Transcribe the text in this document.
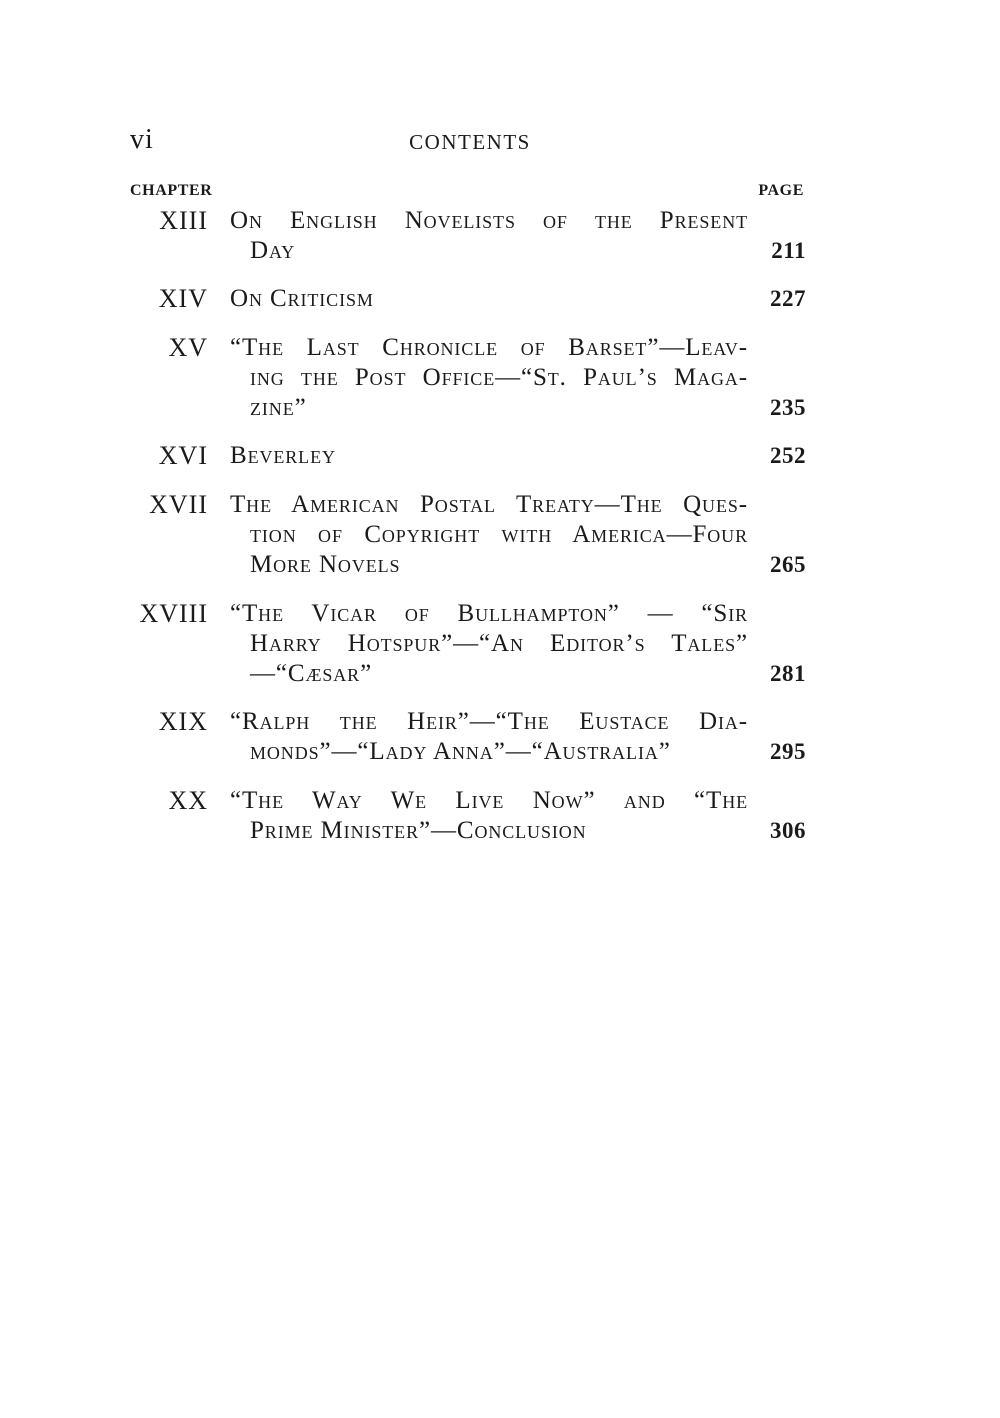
vi	CONTENTS
CHAPTER	PAGE
XIII On English Novelists of the Present
Day	211
XIV On Criticism	227
XV “The Last Chronicle of Barset”—Leav-
ing the Post Office—“St. Paul’s Maga-
zine”	235
XVI Beverley	252
XVII The American Postal Treaty—The Ques-
tion of Copyright with America—Four
More Novels	265
XVIII “The Vicar of Bullhampton” — “Sir
Harry Hotspur”—“An Editor’s Tales”
—“Cæsar”	281
XIX “Ralph the Heir”—“The Eustace Dia-
monds”—“Lady Anna”—“Australia”	295
XX “The Way We Live Now” and “The
Prime Minister”—Conclusion	306
